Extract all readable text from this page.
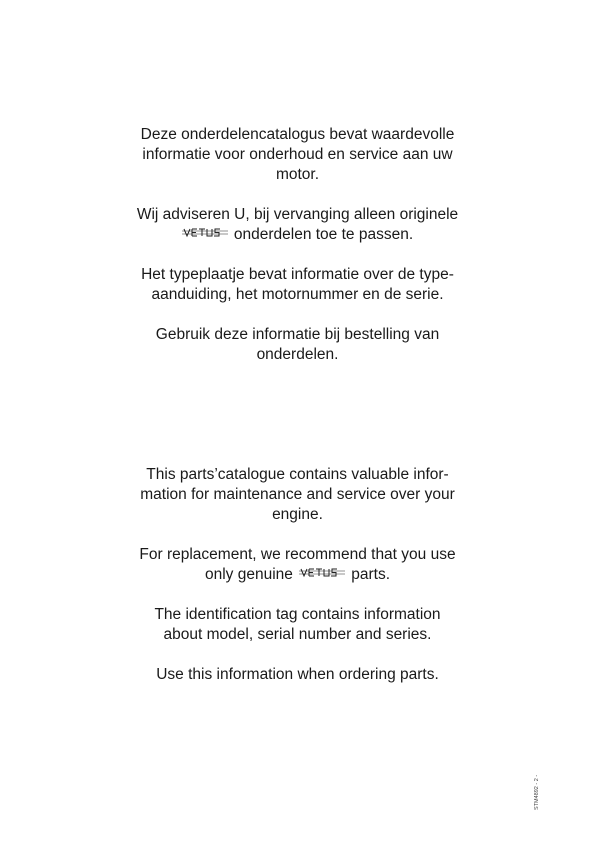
Deze onderdelencatalogus bevat waardevolle
informatie voor onderhoud en service aan uw
motor.

Wij adviseren U, bij vervanging alleen originele
onderdelen toe te passen.

Het typeplaatje bevat informatie over de type-
aanduiding, het motornummer en de serie.

Gebruik deze informatie bij bestelling van
onderdelen.

This parts’catalogue contains valuable infor-
mation for maintenance and service over your
engine.

For replacement, we recommend that you use
only genuine	parts.

The identification tag contains information
about model, serial number and series.

Use this information when ordering parts.

STM4892 - 2 -
